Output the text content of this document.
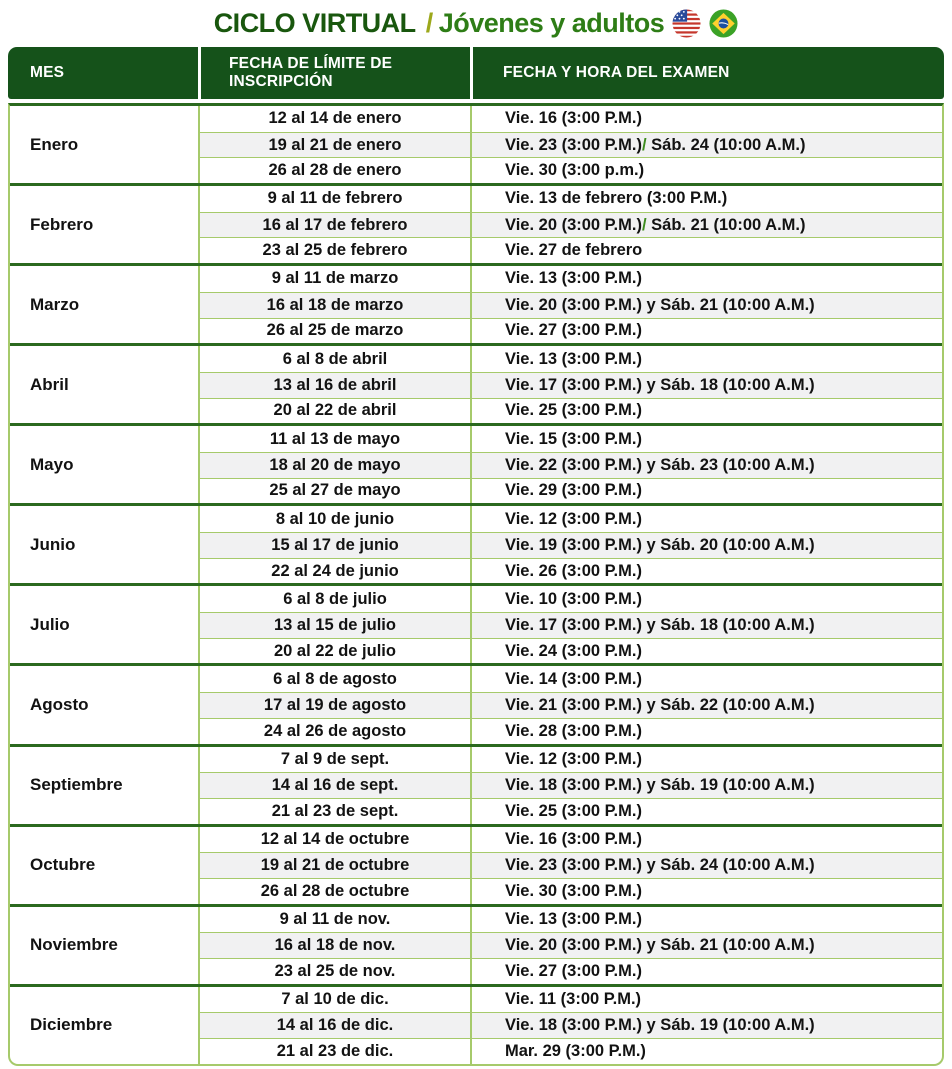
CICLO VIRTUAL / Jóvenes y adultos
MES
FECHA DE LÍMITE DE INSCRIPCIÓN
FECHA Y HORA DEL EXAMEN
Enero
12 al 14 de enero	Vie. 16 (3:00 P.M.)
19 al 21 de enero	Vie. 23 (3:00 P.M.) / Sáb. 24 (10:00 A.M.)
26 al 28 de enero	Vie. 30 (3:00 p.m.)
Febrero
9 al 11 de febrero	Vie. 13 de febrero (3:00 P.M.)
16 al 17 de febrero	Vie. 20 (3:00 P.M.) / Sáb. 21 (10:00 A.M.)
23 al 25 de febrero	Vie. 27 de febrero
Marzo
9 al 11 de marzo	Vie. 13 (3:00 P.M.)
16 al 18 de marzo	Vie. 20 (3:00 P.M.) y Sáb. 21 (10:00 A.M.)
26 al 25 de marzo	Vie. 27 (3:00 P.M.)
Abril
6 al 8 de abril	Vie. 13 (3:00 P.M.)
13 al 16 de abril	Vie. 17 (3:00 P.M.) y Sáb. 18 (10:00 A.M.)
20 al 22 de abril	Vie. 25 (3:00 P.M.)
Mayo
11 al 13 de mayo	Vie. 15 (3:00 P.M.)
18 al 20 de mayo	Vie. 22 (3:00 P.M.) y Sáb. 23 (10:00 A.M.)
25 al 27 de mayo	Vie. 29 (3:00 P.M.)
Junio
8 al 10 de junio	Vie. 12 (3:00 P.M.)
15 al 17 de junio	Vie. 19 (3:00 P.M.) y Sáb. 20 (10:00 A.M.)
22 al 24 de junio	Vie. 26 (3:00 P.M.)
Julio
6 al 8 de julio	Vie. 10 (3:00 P.M.)
13 al 15 de julio	Vie. 17 (3:00 P.M.) y Sáb. 18 (10:00 A.M.)
20 al 22 de julio	Vie. 24 (3:00 P.M.)
Agosto
6 al 8 de agosto	Vie. 14 (3:00 P.M.)
17 al 19 de agosto	Vie. 21 (3:00 P.M.) y Sáb. 22 (10:00 A.M.)
24 al 26 de agosto	Vie. 28 (3:00 P.M.)
Septiembre
7 al 9 de sept.	Vie. 12 (3:00 P.M.)
14 al 16 de sept.	Vie. 18 (3:00 P.M.) y Sáb. 19 (10:00 A.M.)
21 al 23 de sept.	Vie. 25 (3:00 P.M.)
Octubre
12 al 14 de octubre	Vie. 16 (3:00 P.M.)
19 al 21 de octubre	Vie. 23 (3:00 P.M.) y Sáb. 24 (10:00 A.M.)
26 al 28 de octubre	Vie. 30 (3:00 P.M.)
Noviembre
9 al 11 de nov.	Vie. 13 (3:00 P.M.)
16 al 18 de nov.	Vie. 20 (3:00 P.M.) y Sáb. 21 (10:00 A.M.)
23 al 25 de nov.	Vie. 27 (3:00 P.M.)
Diciembre
7 al 10 de dic.	Vie. 11 (3:00 P.M.)
14 al 16 de dic.	Vie. 18 (3:00 P.M.) y Sáb. 19 (10:00 A.M.)
21 al 23 de dic.	Mar. 29 (3:00 P.M.)
